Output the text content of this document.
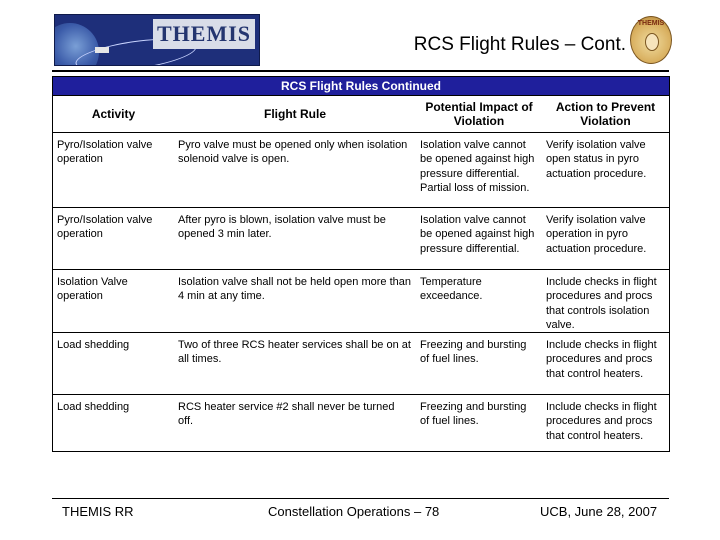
THEMIS	RCS Flight Rules – Cont.
THEMIS
RCS Flight Rules Continued
Activity	Flight Rule	Potential Impact of Violation	Action to Prevent Violation
Pyro/Isolation valve operation	Pyro valve must be opened only when isolation solenoid valve is open.	Isolation valve cannot be opened against high pressure differential. Partial loss of mission.	Verify isolation valve open status in pyro actuation procedure.
Pyro/Isolation valve operation	After pyro is blown, isolation valve must be opened 3 min later.	Isolation valve cannot be opened against high pressure differential.	Verify isolation valve operation in pyro actuation procedure.
Isolation Valve operation	Isolation valve shall not be held open more than 4 min at any time.	Temperature exceedance.	Include checks in flight procedures and procs that controls isolation valve.
Load shedding	Two of three RCS heater services shall be on at all times.	Freezing and bursting of fuel lines.	Include checks in flight procedures and procs that control heaters.
Load shedding	RCS heater service #2 shall never be turned off.	Freezing and bursting of fuel lines.	Include checks in flight procedures and procs that control heaters.
THEMIS RR	Constellation Operations – 78	UCB, June 28, 2007
